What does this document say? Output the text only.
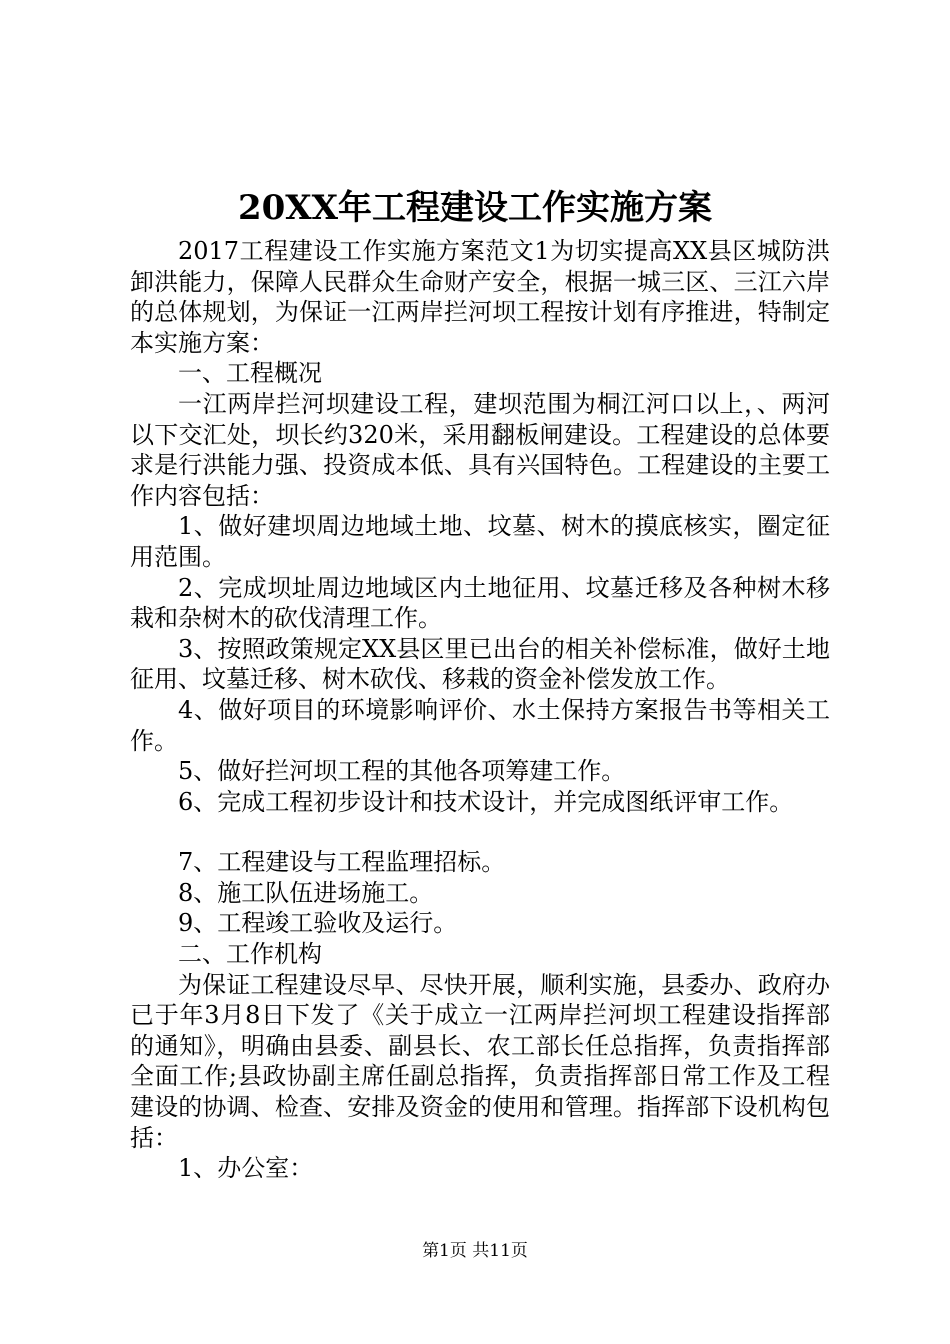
20XX年工程建设工作实施方案

2017工程建设工作实施方案范文1为切实提高XX县区城防洪卸洪能力，保障人民群众生命财产安全，根据一城三区、三江六岸的总体规划，为保证一江两岸拦河坝工程按计划有序推进，特制定本实施方案：

一、工程概况

一江两岸拦河坝建设工程，建坝范围为桐江河口以上，、两河以下交汇处，坝长约320米，采用翻板闸建设。工程建设的总体要求是行洪能力强、投资成本低、具有兴国特色。工程建设的主要工作内容包括：

1、做好建坝周边地域土地、坟墓、树木的摸底核实，圈定征用范围。

2、完成坝址周边地域区内土地征用、坟墓迁移及各种树木移栽和杂树木的砍伐清理工作。

3、按照政策规定XX县区里已出台的相关补偿标准，做好土地征用、坟墓迁移、树木砍伐、移栽的资金补偿发放工作。

4、做好项目的环境影响评价、水土保持方案报告书等相关工作。

5、做好拦河坝工程的其他各项筹建工作。

6、完成工程初步设计和技术设计，并完成图纸评审工作。

7、工程建设与工程监理招标。

8、施工队伍进场施工。

9、工程竣工验收及运行。

二、工作机构

为保证工程建设尽早、尽快开展，顺利实施，县委办、政府办已于年3月8日下发了《关于成立一江两岸拦河坝工程建设指挥部的通知》，明确由县委、副县长、农工部长任总指挥，负责指挥部全面工作;县政协副主席任副总指挥，负责指挥部日常工作及工程建设的协调、检查、安排及资金的使用和管理。指挥部下设机构包括：

1、办公室：

第1页 共11页
